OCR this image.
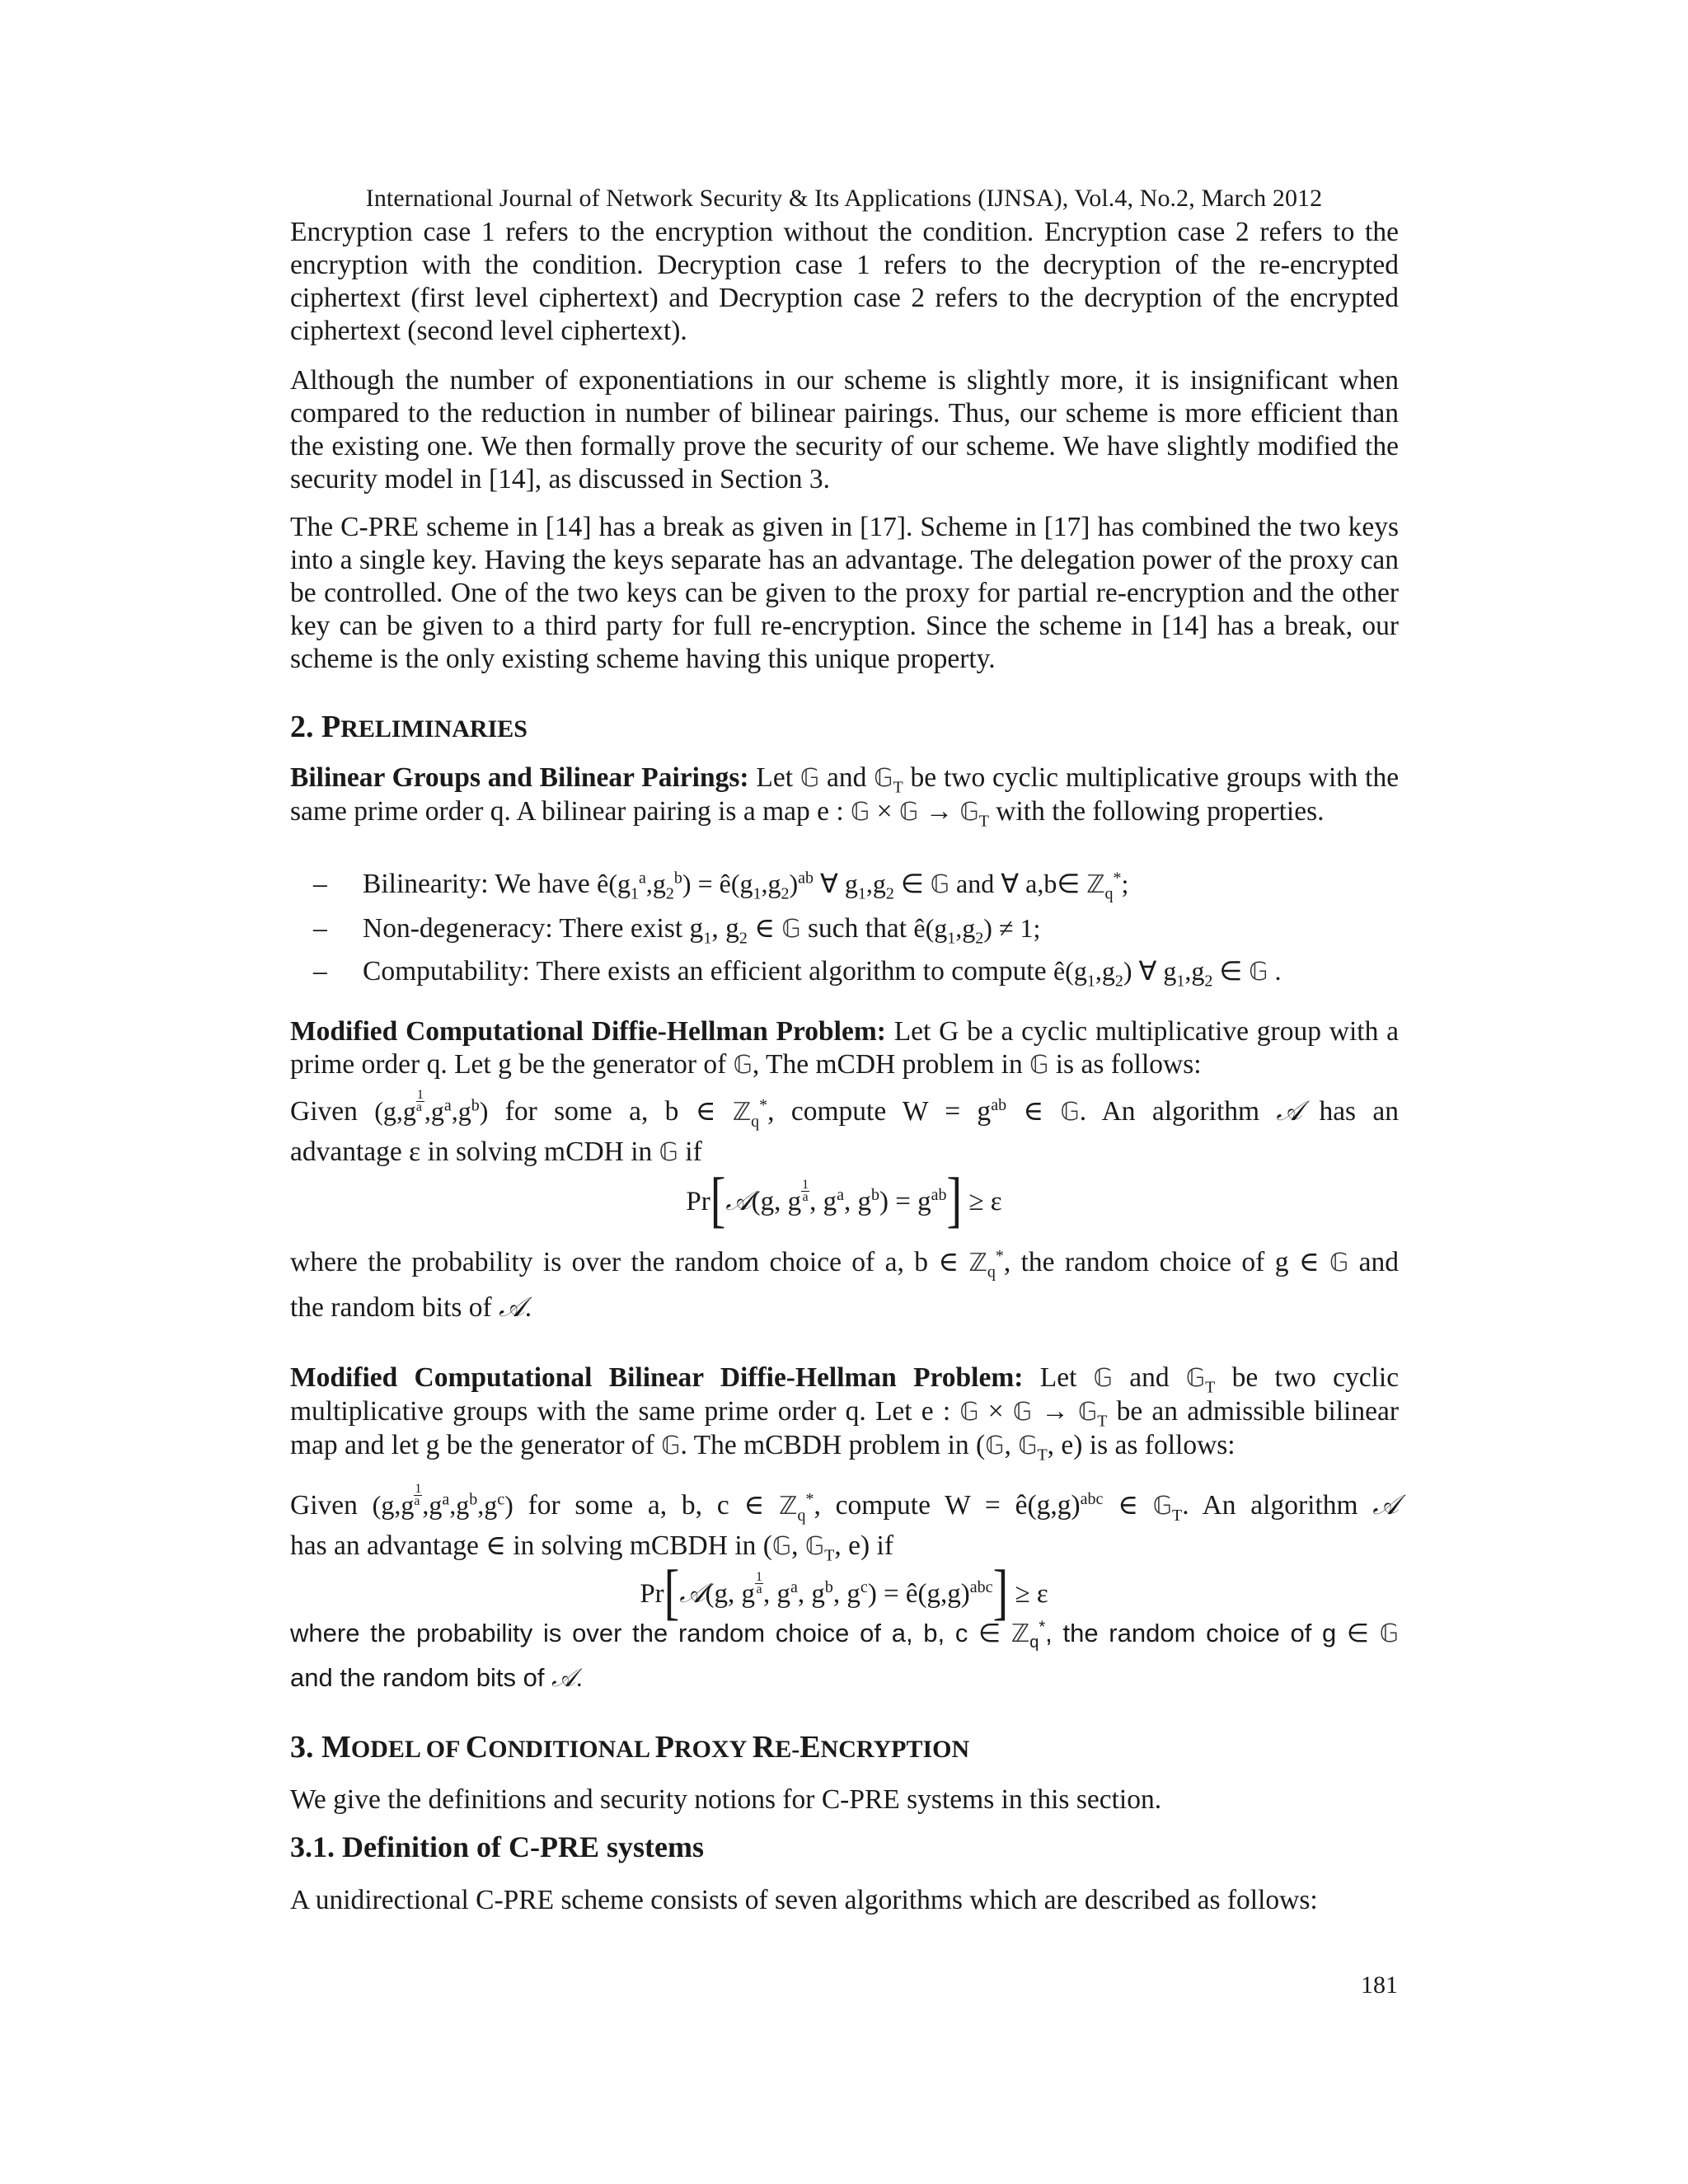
International Journal of Network Security & Its Applications (IJNSA), Vol.4, No.2, March 2012

Encryption case 1 refers to the encryption without the condition. Encryption case 2 refers to the encryption with the condition. Decryption case 1 refers to the decryption of the re-encrypted ciphertext (first level ciphertext) and Decryption case 2 refers to the decryption of the encrypted ciphertext (second level ciphertext).

Although the number of exponentiations in our scheme is slightly more, it is insignificant when compared to the reduction in number of bilinear pairings. Thus, our scheme is more efficient than the existing one. We then formally prove the security of our scheme. We have slightly modified the security model in [14], as discussed in Section 3.

The C-PRE scheme in [14] has a break as given in [17]. Scheme in [17] has combined the two keys into a single key. Having the keys separate has an advantage. The delegation power of the proxy can be controlled. One of the two keys can be given to the proxy for partial re-encryption and the other key can be given to a third party for full re-encryption. Since the scheme in [14] has a break, our scheme is the only existing scheme having this unique property.

2. PRELIMINARIES

Bilinear Groups and Bilinear Pairings: Let 𝔾 and 𝔾$_T$ be two cyclic multiplicative groups with the same prime order q. A bilinear pairing is a map e : 𝔾 × 𝔾 → 𝔾$_T$ with the following properties.

– Bilinearity: We have $ê(g_1^a,g_2^b)$ = $ê(g_1,g_2)^{ab}$ ∀ $g_1,g_2$ ∈ 𝔾 and ∀ a,b∈ ℤ$_q$*;
– Non-degeneracy: There exist $g_1$, $g_2$ ∈ 𝔾 such that $ê(g_1,g_2) \ne 1$;
– Computability: There exists an efficient algorithm to compute $ê(g_1,g_2)$ ∀ $g_1,g_2$ ∈ 𝔾 .

Modified Computational Diffie-Hellman Problem: Let G be a cyclic multiplicative group with a prime order q. Let g be the generator of 𝔾, The mCDH problem in 𝔾 is as follows:

Given $(g,g \frac{1}{a} ,g^a,g^b)$ for some a, b ∈ ℤ$_q$*, compute $W = g^{ab}$ ∈ 𝔾. An algorithm 𝒜 has an

advantage ε in solving mCDH in 𝔾 if

Pr[𝒜(g, g $\frac{1}{a}$ , $g^a$, $g^b) = g^{ab}] \ge \varepsilon$

where the probability is over the random choice of a, b ∈ ℤ$_q$*, the random choice of g ∈ 𝔾 and

the random bits of 𝒜.

Modified Computational Bilinear Diffie-Hellman Problem: Let 𝔾 and 𝔾$_T$ be two cyclic multiplicative groups with the same prime order q. Let e : 𝔾 × 𝔾 → 𝔾$_T$ be an admissible bilinear map and let g be the generator of 𝔾. The mCBDH problem in (𝔾, 𝔾$_T$, e) is as follows:

Given $(g,g \frac{1}{a} ,g^a,g^b,g^c)$ for some a, b, c ∈ ℤ$_q$*, compute $W = ê(g,g)^{abc}$ ∈ 𝔾$_T$. An algorithm 𝒜

has an advantage ∈ in solving mCBDH in (𝔾, 𝔾$_T$, e) if

Pr[𝒜(g, g $\frac{1}{a}$ , $g^a$, $g^b$, $g^c$) = $ê(g,g)^{abc}] \ge \varepsilon$

where the probability is over the random choice of a, b, c ∈ ℤ$_q$*, the random choice of g ∈ 𝔾

and the random bits of 𝒜.

3. MODEL OF CONDITIONAL PROXY RE-ENCRYPTION

We give the definitions and security notions for C-PRE systems in this section.

3.1. Definition of C-PRE systems

A unidirectional C-PRE scheme consists of seven algorithms which are described as follows:

181
